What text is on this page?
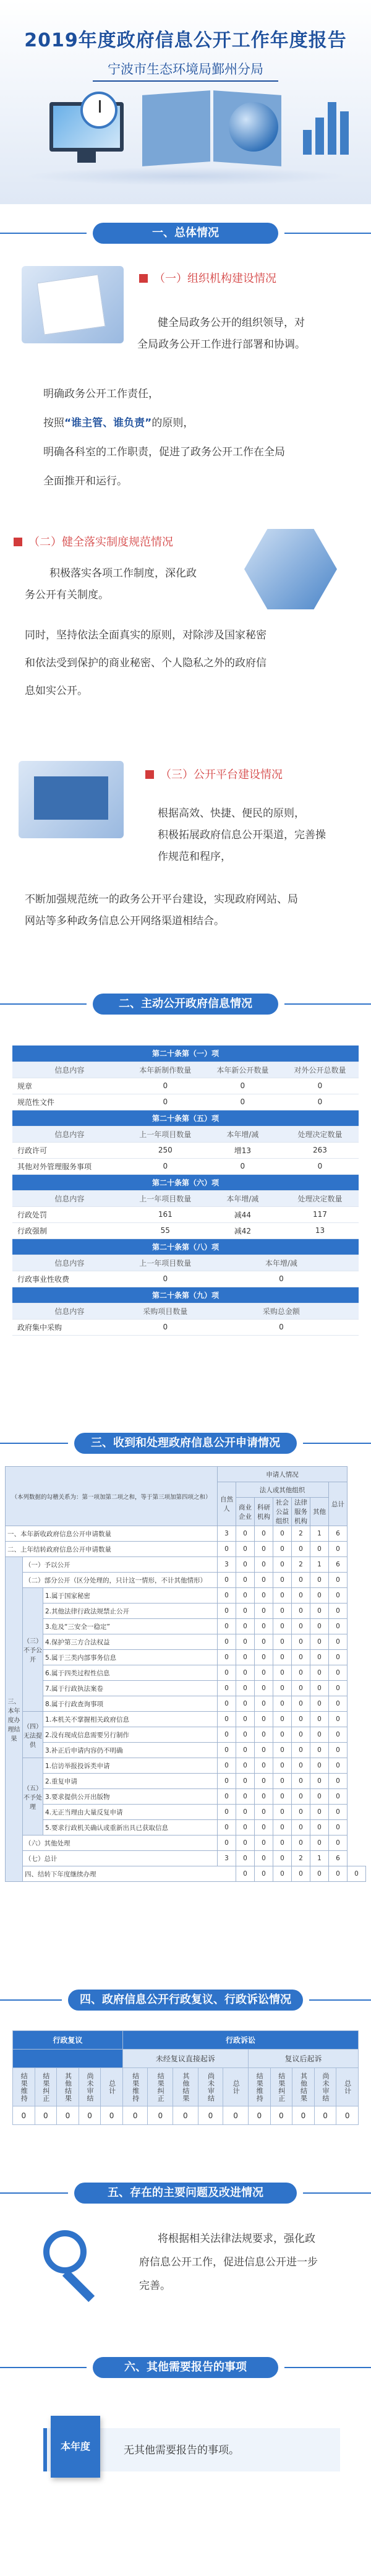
2019年度政府信息公开工作年度报告
宁波市生态环境局鄞州分局
一、总体情况
（一）组织机构建设情况
健全局政务公开的组织领导，对
全局政务公开工作进行部署和协调。
明确政务公开工作责任，
按照“谁主管、谁负责”的原则，
明确各科室的工作职责，促进了政务公开工作在全局
全面推开和运行。
（二）健全落实制度规范情况
积极落实各项工作制度，深化政
务公开有关制度。
同时，坚持依法全面真实的原则，对除涉及国家秘密
和依法受到保护的商业秘密、个人隐私之外的政府信
息如实公开。
（三）公开平台建设情况
根据高效、快捷、便民的原则，
积极拓展政府信息公开渠道，完善操
作规范和程序，
不断加强规范统一的政务公开平台建设，实现政府网站、局
网站等多种政务信息公开网络渠道相结合。
二、主动公开政府信息情况
第二十条第（一）项			
信息内容	本年新制作数量	本年新公开数量	对外公开总数量
规章	0	0	0
规范性文件	0	0	0
第二十条第（五）项			
信息内容	上一年项目数量	本年增/减	处理决定数量
行政许可	250	增13	263
其他对外管理服务事项	0	0	0
第二十条第（六）项			
信息内容	上一年项目数量	本年增/减	处理决定数量
行政处罚	161	减44	117
行政强制	55	减42	13
第二十条第（八）项			
信息内容	上一年项目数量	本年增/减	
行政事业性收费	0	0	
第二十条第（九）项			
信息内容	采购项目数量	采购总金额	
政府集中采购	0	0	
三、收到和处理政府信息公开申请情况
（本列数据的勾稽关系为：第一项加第二项之和，等于第三项加第四项之和）			申请人情况							
			自然人	法人或其他组织					总计	
				商业企业	科研机构	社会公益组织	法律服务机构	其他		
一、本年新收政府信息公开申请数量			3	0	0	0	2	1	6	
二、上年结转政府信息公开申请数量			0	0	0	0	0	0	0	
三、本年度办理结果	（一）予以公开		3	0	0	0	2	1	6	
	（二）部分公开（区分处理的，只计这一情形，不计其他情形）		0	0	0	0	0	0	0	
	（三）不予公开	1.属于国家秘密	0	0	0	0	0	0	0	
		2.其他法律行政法规禁止公开	0	0	0	0	0	0	0	
		3.危及“三安全一稳定”	0	0	0	0	0	0	0	
		4.保护第三方合法权益	0	0	0	0	0	0	0	
		5.属于三类内部事务信息	0	0	0	0	0	0	0	
		6.属于四类过程性信息	0	0	0	0	0	0	0	
		7.属于行政执法案卷	0	0	0	0	0	0	0	
		8.属于行政查询事项	0	0	0	0	0	0	0	
	（四）无法提供	1.本机关不掌握相关政府信息	0	0	0	0	0	0	0	
		2.没有现成信息需要另行制作	0	0	0	0	0	0	0	
		3.补正后申请内容仍不明确	0	0	0	0	0	0	0	
	（五）不予处理	1.信访举报投诉类申请	0	0	0	0	0	0	0	
		2.重复申请	0	0	0	0	0	0	0	
		3.要求提供公开出版物	0	0	0	0	0	0	0	
		4.无正当理由大量反复申请	0	0	0	0	0	0	0	
		5.要求行政机关确认或重新出具已获取信息	0	0	0	0	0	0	0	
	（六）其他处理		0	0	0	0	0	0	0	
	（七）总计		3	0	0	0	2	1	6	
	四、结转下年度继续办理			0	0	0	0	0	0	0
四、政府信息公开行政复议、行政诉讼情况
行政复议					行政诉讼									
					未经复议直接起诉					复议后起诉				
结果维持	结果纠正	其他结果	尚未审结	总计	结果维持	结果纠正	其他结果	尚未审结	总计	结果维持	结果纠正	其他结果	尚未审结	总计
0	0	0	0	0	0	0	0	0	0	0	0	0	0	0
五、存在的主要问题及改进情况
将根据相关法律法规要求，强化政
府信息公开工作，促进信息公开进一步
完善。
六、其他需要报告的事项
本年度	无其他需要报告的事项。
